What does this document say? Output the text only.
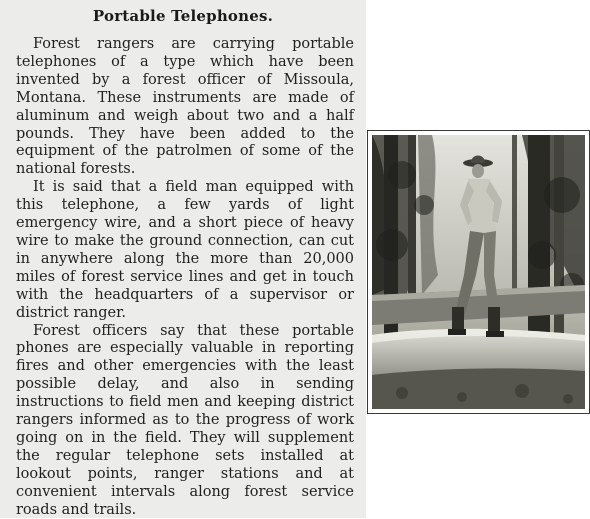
Portable Telephones.

Forest rangers are carrying portable telephones of a type which have been invented by a forest officer of Missoula, Montana. These instruments are made of aluminum and weigh about two and a half pounds. They have been added to the equipment of the patrolmen of some of the national forests.

It is said that a field man equipped with this telephone, a few yards of light emergency wire, and a short piece of heavy wire to make the ground connection, can cut in anywhere along the more than 20,000 miles of forest service lines and get in touch with the headquarters of a supervisor or district ranger.

Forest officers say that these portable phones are especially valuable in reporting fires and other emergencies with the least possible delay, and also in sending instructions to field men and keeping district rangers informed as to the progress of work going on in the field. They will supplement the regular telephone sets installed at lookout points, ranger stations and at convenient intervals along forest service roads and trails.
